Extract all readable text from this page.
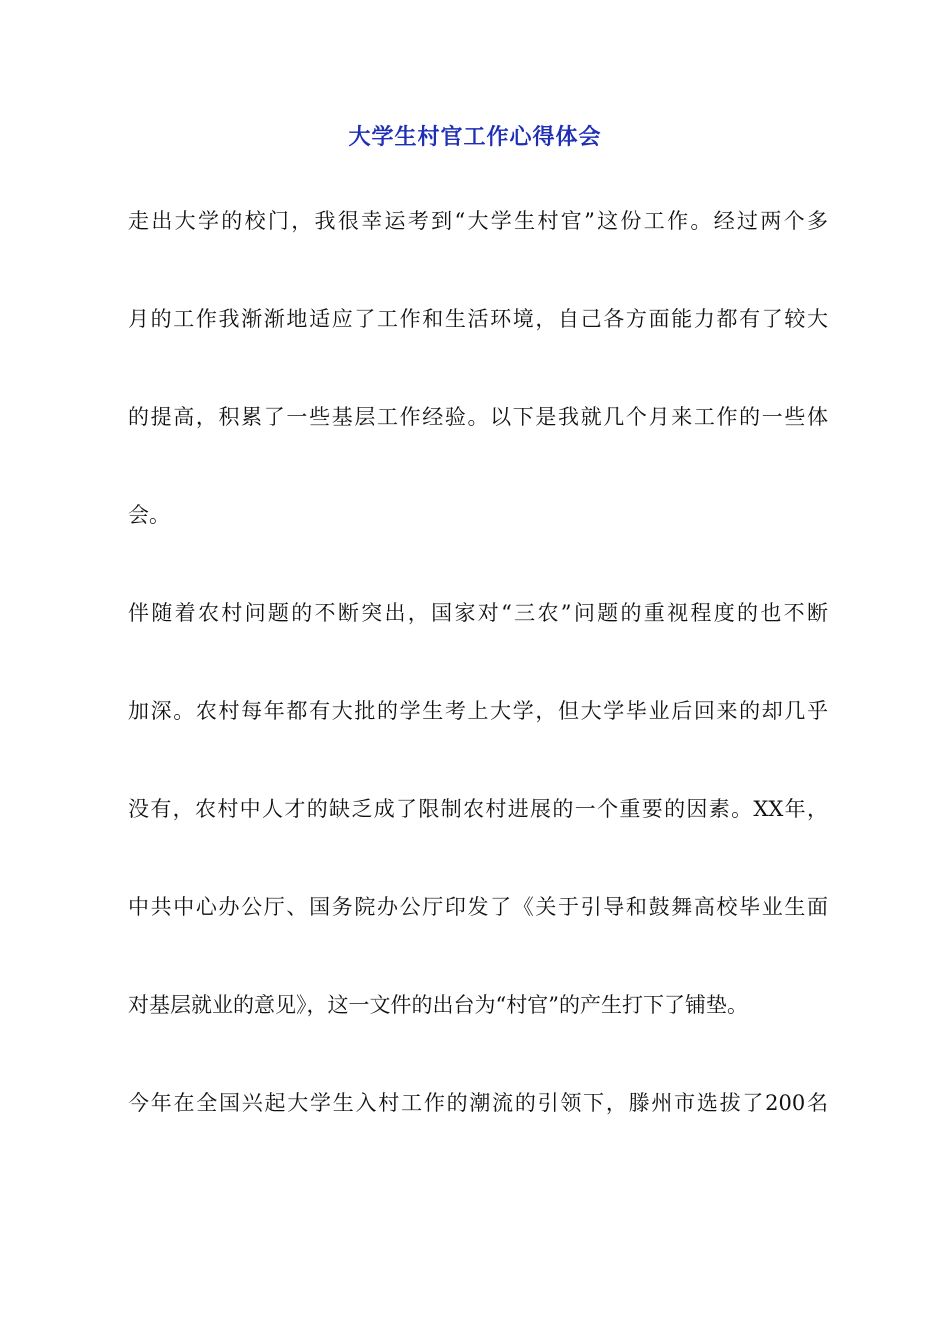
大学生村官工作心得体会
走出大学的校门，我很幸运考到“大学生村官”这份工作。经过两个多
月的工作我渐渐地适应了工作和生活环境，自己各方面能力都有了较大
的提高，积累了一些基层工作经验。以下是我就几个月来工作的一些体
会。
伴随着农村问题的不断突出，国家对“三农”问题的重视程度的也不断
加深。农村每年都有大批的学生考上大学，但大学毕业后回来的却几乎
没有，农村中人才的缺乏成了限制农村进展的一个重要的因素。XX年，
中共中心办公厅、国务院办公厅印发了《关于引导和鼓舞高校毕业生面
对基层就业的意见》，这一文件的出台为“村官”的产生打下了铺垫。
今年在全国兴起大学生入村工作的潮流的引领下，滕州市选拔了200名
